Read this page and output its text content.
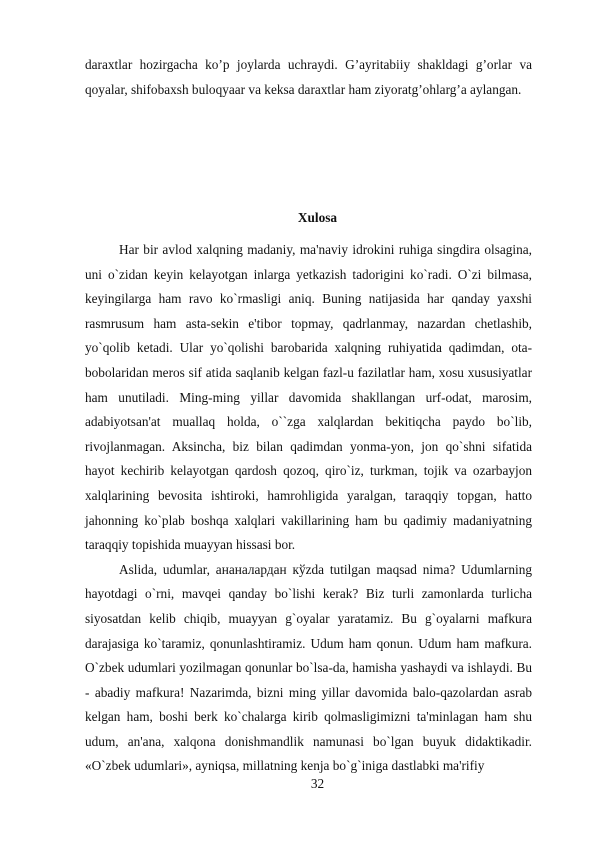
daraxtlar hozirgacha ko’p joylarda uchraydi. G’ayritabiiy shakldagi g’orlar va qoyalar, shifobaxsh buloqyaar va keksa daraxtlar ham ziyoratg’ohlarg’a aylangan.

Xulosa

Har bir avlod xalqning madaniy, ma'naviy idrokini ruhiga singdira olsagina, uni o`zidan keyin kelayotgan inlarga yetkazish tadorigini ko`radi. O`zi bilmasa, keyingilarga ham ravo ko`rmasligi aniq. Buning natijasida har qanday yaxshi rasmrusum ham asta-sekin e'tibor topmay, qadrlanmay, nazardan chetlashib, yo`qolib ketadi. Ular yo`qolishi barobarida xalqning ruhiyatida qadimdan, ota-bobolaridan meros sif atida saqlanib kelgan fazl-u fazilatlar ham, xosu xususiyatlar ham unutiladi. Ming-ming yillar davomida shakllangan urf-odat, marosim, adabiyotsan'at muallaq holda, o``zga xalqlardan bekitiqcha paydo bo`lib, rivojlanmagan. Aksincha, biz bilan qadimdan yonma-yon, jon qo`shni sifatida hayot kechirib kelayotgan qardosh qozoq, qiro`iz, turkman, tojik va ozarbayjon xalqlarining bevosita ishtiroki, hamrohligida yaralgan, taraqqiy topgan, hatto jahonning ko`plab boshqa xalqlari vakillarining ham bu qadimiy madaniyatning taraqqiy topishida muayyan hissasi bor.

Aslida, udumlar, ананалардан кўzda tutilgan maqsad nima? Udumlarning hayotdagi o`rni, mavqei qanday bo`lishi kerak? Biz turli zamonlarda turlicha siyosatdan kelib chiqib, muayyan g`oyalar yaratamiz. Bu g`oyalarni mafkura darajasiga ko`taramiz, qonunlashtiramiz. Udum ham qonun. Udum ham mafkura. O`zbek udumlari yozilmagan qonunlar bo`lsa-da, hamisha yashaydi va ishlaydi. Bu - abadiy mafkura! Nazarimda, bizni ming yillar davomida balo-qazolardan asrab kelgan ham, boshi berk ko`chalarga kirib qolmasligimizni ta'minlagan ham shu udum, an'ana, xalqona donishmandlik namunasi bo`lgan buyuk didaktikadir. «O`zbek udumlari», ayniqsa, millatning kenja bo`g`iniga dastlabki ma'rifiy

32
